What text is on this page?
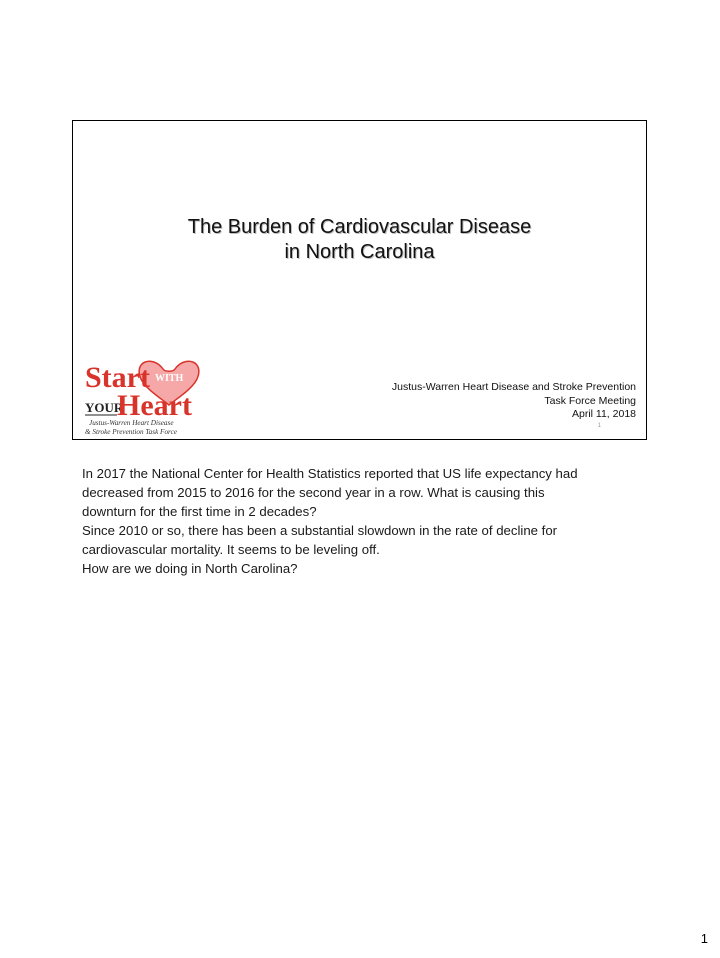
The Burden of Cardiovascular Disease
in North Carolina
Start WITH
YOUR
Heart
Justus-Warren Heart Disease
& Stroke Prevention Task Force
Justus-Warren Heart Disease and Stroke Prevention
Task Force Meeting
April 11, 2018
1
In 2017 the National Center for Health Statistics reported that US life expectancy had
decreased from 2015 to 2016 for the second year in a row. What is causing this
downturn for the first time in 2 decades?
Since 2010 or so, there has been a substantial slowdown in the rate of decline for
cardiovascular mortality. It seems to be leveling off.
How are we doing in North Carolina?
1
